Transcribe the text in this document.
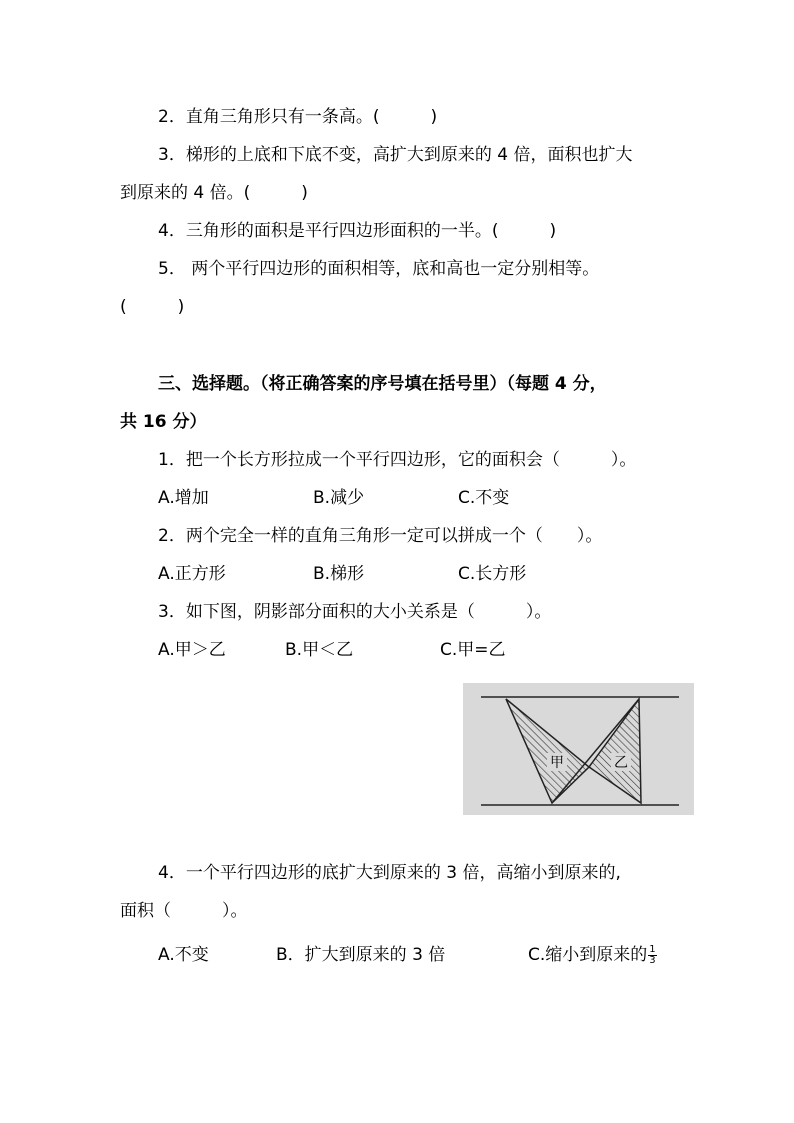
2．直角三角形只有一条高。(　　　)
3．梯形的上底和下底不变，高扩大到原来的 4 倍，面积也扩大
到原来的 4 倍。(　　　)
4．三角形的面积是平行四边形面积的一半。(　　　)
5． 两个平行四边形的面积相等，底和高也一定分别相等。
(　　　)
三、选择题。（将正确答案的序号填在括号里）（每题 4 分，
共 16 分）
1．把一个长方形拉成一个平行四边形，它的面积会（　　　）。
A.增加	B.减少	C.不变
2．两个完全一样的直角三角形一定可以拼成一个（　　）。
A.正方形	B.梯形	C.长方形
3．如下图，阴影部分面积的大小关系是（　　　）。
A.甲＞乙	B.甲＜乙	C.甲=乙
甲	乙
4．一个平行四边形的底扩大到原来的 3 倍，高缩小到原来的,
面积（　　　）。
A.不变	B．扩大到原来的 3 倍	C.缩小到原来的 $\frac{1}{3}$
